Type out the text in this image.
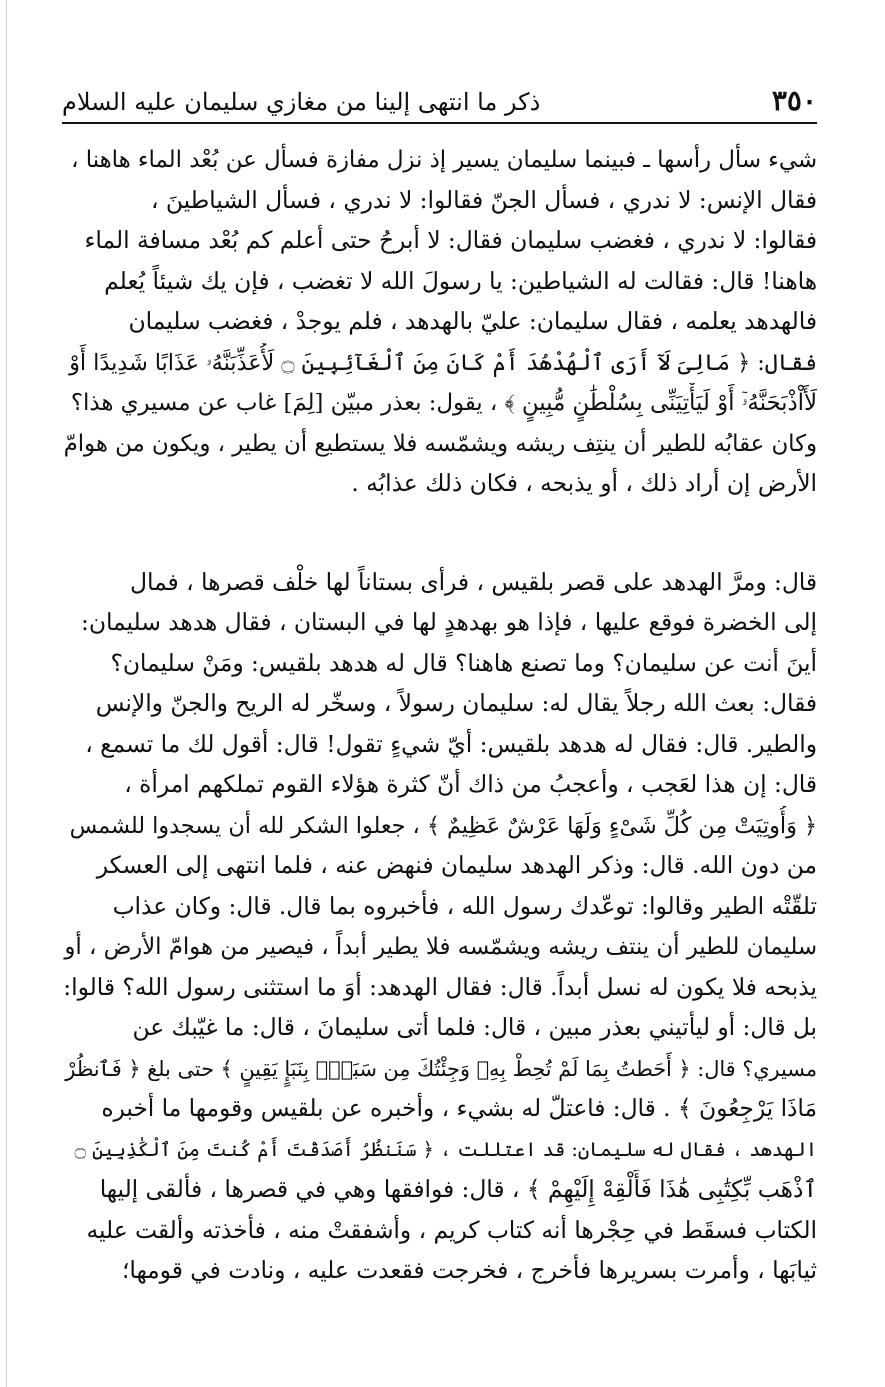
٣٥٠
ذكر ما انتهى إلينا من مغازي سليمان عليه السلام

شيء سأل رأسها ـ فبينما سليمان يسير إذ نزل مفازة فسأل عن بُعْد الماء هاهنا ،
فقال الإنس: لا ندري ، فسأل الجنّ فقالوا: لا ندري ، فسأل الشياطينَ ،
فقالوا: لا ندري ، فغضب سليمان فقال: لا أبرحُ حتى أعلم كم بُعْد مسافة الماء
هاهنا! قال: فقالت له الشياطين: يا رسولَ الله لا تغضب ، فإن يك شيئاً يُعلم
فالهدهد يعلمه ، فقال سليمان: عليّ بالهدهد ، فلم يوجدْ ، فغضب سليمان
فقال: ﴿ مَالِىَ لَآ أَرَى ٱلْهُدْهُدَ أَمْ كَانَ مِنَ ٱلْغَآئِبِينَ ۝ لَأُعَذِّبَنَّهُۥ عَذَابًا شَدِيدًا أَوْ
لَأَاْذْبَحَنَّهُۥٓ أَوْ لَيَأْتِيَنِّى بِسُلْطَٰنٍ مُّبِينٍ ﴾ ، يقول: بعذر مبيّن [لِمَ] غاب عن مسيري هذا؟
وكان عقابُه للطير أن ينتِف ريشه ويشمّسه فلا يستطيع أن يطير ، ويكون من هوامّ
الأرض إن أراد ذلك ، أو يذبحه ، فكان ذلك عذابُه .

قال: ومرَّ الهدهد على قصر بلقيس ، فرأى بستاناً لها خلْف قصرها ، فمال
إلى الخضرة فوقع عليها ، فإذا هو بهدهدٍ لها في البستان ، فقال هدهد سليمان:
أينَ أنت عن سليمان؟ وما تصنع هاهنا؟ قال له هدهد بلقيس: ومَنْ سليمان؟
فقال: بعث الله رجلاً يقال له: سليمان رسولاً ، وسخّر له الريح والجنّ والإنس
والطير. قال: فقال له هدهد بلقيس: أيّ شيءٍ تقول! قال: أقول لك ما تسمع ،
قال: إن هذا لعَجب ، وأعجبُ من ذاك أنّ كثرة هؤلاء القوم تملكهم امرأة ،
﴿ وَأُوتِيَتْ مِن كُلِّ شَىْءٍ وَلَهَا عَرْشٌ عَظِيمٌ ﴾ ، جعلوا الشكر لله أن يسجدوا للشمس
من دون الله. قال: وذكر الهدهد سليمان فنهض عنه ، فلما انتهى إلى العسكر
تلقّتْه الطير وقالوا: توعّدك رسول الله ، فأخبروه بما قال. قال: وكان عذاب
سليمان للطير أن ينتف ريشه ويشمّسه فلا يطير أبداً ، فيصير من هوامّ الأرض ، أو
يذبحه فلا يكون له نسل أبداً. قال: فقال الهدهد: أوَ ما استثنى رسول الله؟ قالوا:
بل قال: أو ليأتيني بعذر مبين ، قال: فلما أتى سليمانَ ، قال: ما غيّبك عن
مسيري؟ قال: ﴿ أَحَطتُ بِمَا لَمْ تُحِطْ بِهِۦ وَجِئْتُكَ مِن سَبَإٍۭ بِنَبَإٍ يَقِينٍ ﴾ حتى بلغ ﴿ فَٱنظُرْ
مَاذَا يَرْجِعُونَ ﴾ . قال: فاعتلّ له بشيء ، وأخبره عن بلقيس وقومها ما أخبره
الهدهد ، فقال له سليمان: قد اعتللت ، ﴿ سَنَنظُرُ أَصَدَقْتَ أَمْ كُنتَ مِنَ ٱلْكَٰذِبِينَ ۝
ٱذْهَب بِّكِتَٰبِى هَٰذَا فَأَلْقِهْ إِلَيْهِمْ ﴾ ، قال: فوافقها وهي في قصرها ، فألقى إليها
الكتاب فسقَط في حِجْرها أنه كتاب كريم ، وأشفقتْ منه ، فأخذته وألقت عليه
ثيابَها ، وأمرت بسريرها فأخرج ، فخرجت فقعدت عليه ، ونادت في قومها؛
